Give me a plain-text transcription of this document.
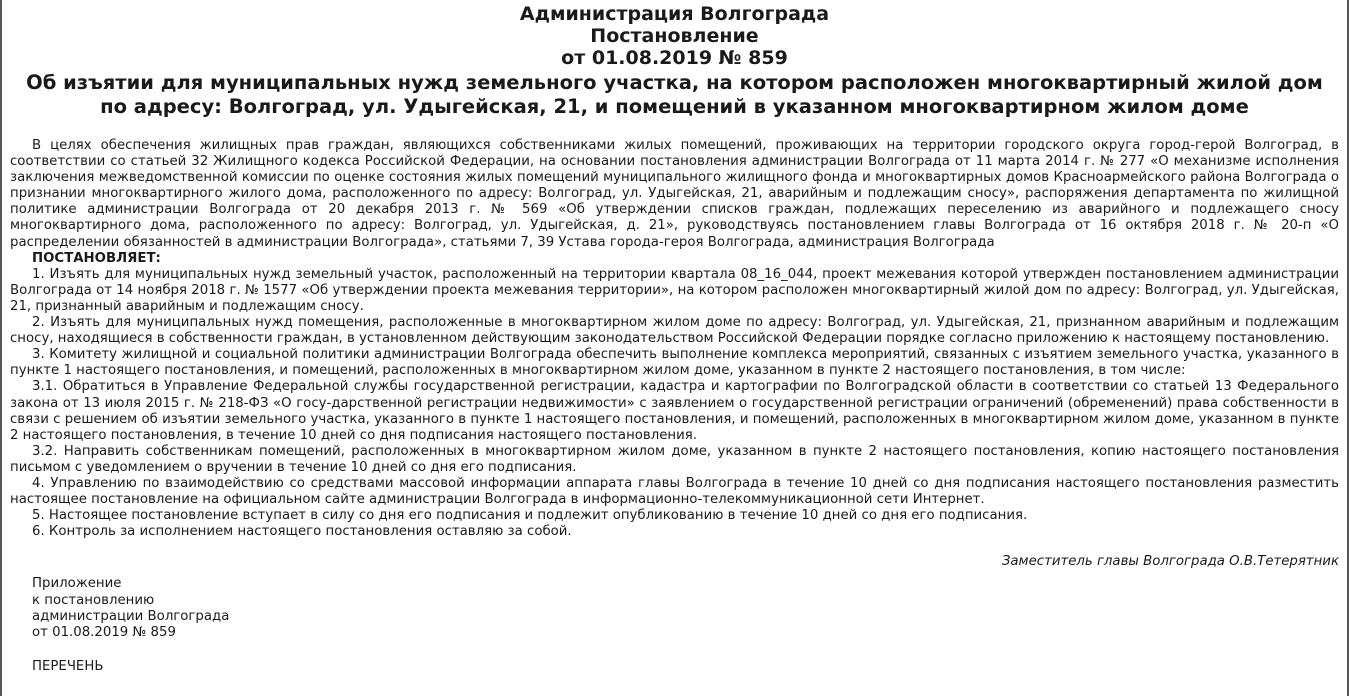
Администрация Волгограда
Постановление
от 01.08.2019 № 859
Об изъятии для муниципальных нужд земельного участка, на котором расположен многоквартирный жилой дом по адресу: Волгоград, ул. Удыгейская, 21, и помещений в указанном многоквартирном жилом доме

В целях обеспечения жилищных прав граждан, являющихся собственниками жилых помещений, проживающих на территории городского округа город-герой Волгоград, в соответствии со статьей 32 Жилищного кодекса Российской Федерации, на основании постановления администрации Волгограда от 11 марта 2014 г. № 277 «О механизме исполнения заключения межведомственной комиссии по оценке состояния жилых помещений муниципального жилищного фонда и многоквартирных домов Красноармейского района Волгограда о признании многоквартирного жилого дома, расположенного по адресу: Волгоград, ул. Удыгейская, 21, аварийным и подлежащим сносу», распоряжения департамента по жилищной политике администрации Волгограда от 20 декабря 2013 г. № 569 «Об утверждении списков граждан, подлежащих переселению из аварийного и подлежащего сносу многоквартирного дома, расположенного по адресу: Волгоград, ул. Удыгейская, д. 21», руководствуясь постановлением главы Волгограда от 16 октября 2018 г. № 20-п «О распределении обязанностей в администрации Волгограда», статьями 7, 39 Устава города-героя Волгограда, администрация Волгограда

ПОСТАНОВЛЯЕТ:

1. Изъять для муниципальных нужд земельный участок, расположенный на территории квартала 08_16_044, проект межевания которой утвержден постановлением администрации Волгограда от 14 ноября 2018 г. № 1577 «Об утверждении проекта межевания территории», на котором расположен многоквартирный жилой дом по адресу: Волгоград, ул. Удыгейская, 21, признанный аварийным и подлежащим сносу.

2. Изъять для муниципальных нужд помещения, расположенные в многоквартирном жилом доме по адресу: Волгоград, ул. Удыгейская, 21, признанном аварийным и подлежащим сносу, находящиеся в собственности граждан, в установленном действующим законодательством Российской Федерации порядке согласно приложению к настоящему постановлению.

3. Комитету жилищной и социальной политики администрации Волгограда обеспечить выполнение комплекса мероприятий, связанных с изъятием земельного участка, указанного в пункте 1 настоящего постановления, и помещений, расположенных в многоквартирном жилом доме, указанном в пункте 2 настоящего постановления, в том числе:

3.1. Обратиться в Управление Федеральной службы государственной регистрации, кадастра и картографии по Волгоградской области в соответствии со статьей 13 Федерального закона от 13 июля 2015 г. № 218-ФЗ «О госу-дарственной регистрации недвижимости» с заявлением о государственной регистрации ограничений (обременений) права собственности в связи с решением об изъятии земельного участка, указанного в пункте 1 настоящего постановления, и помещений, расположенных в многоквартирном жилом доме, указанном в пункте 2 настоящего постановления, в течение 10 дней со дня подписания настоящего постановления.

3.2. Направить собственникам помещений, расположенных в многоквартирном жилом доме, указанном в пункте 2 настоящего постановления, копию настоящего постановления письмом с уведомлением о вручении в течение 10 дней со дня его подписания.

4. Управлению по взаимодействию со средствами массовой информации аппарата главы Волгограда в течение 10 дней со дня подписания настоящего постановления разместить настоящее постановление на официальном сайте администрации Волгограда в информационно-телекоммуникационной сети Интернет.

5. Настоящее постановление вступает в силу со дня его подписания и подлежит опубликованию в течение 10 дней со дня его подписания.

6. Контроль за исполнением настоящего постановления оставляю за собой.

Заместитель главы Волгограда О.В.Тетерятник
Приложение
к постановлению
администрации Волгограда
от 01.08.2019 № 859
ПЕРЕЧЕНЬ
